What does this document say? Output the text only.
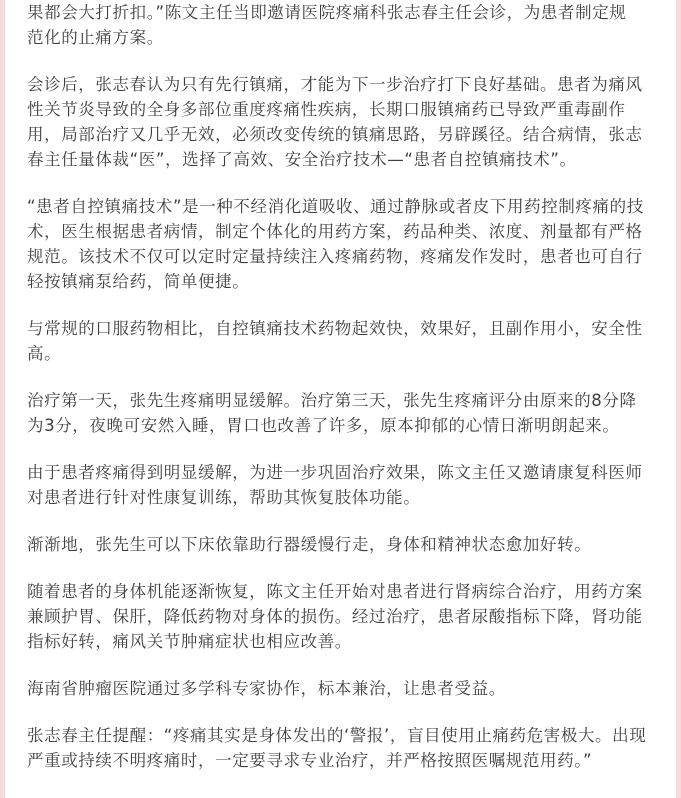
果都会大打折扣。”陈文主任当即邀请医院疼痛科张志春主任会诊，为患者制定规
范化的止痛方案。

会诊后，张志春认为只有先行镇痛，才能为下一步治疗打下良好基础。患者为痛风
性关节炎导致的全身多部位重度疼痛性疾病，长期口服镇痛药已导致严重毒副作
用，局部治疗又几乎无效，必须改变传统的镇痛思路，另辟蹊径。结合病情，张志
春主任量体裁“医”，选择了高效、安全治疗技术—“患者自控镇痛技术”。

“患者自控镇痛技术”是一种不经消化道吸收、通过静脉或者皮下用药控制疼痛的技
术，医生根据患者病情，制定个体化的用药方案，药品种类、浓度、剂量都有严格
规范。该技术不仅可以定时定量持续注入疼痛药物，疼痛发作发时，患者也可自行
轻按镇痛泵给药，简单便捷。

与常规的口服药物相比，自控镇痛技术药物起效快，效果好，且副作用小，安全性
高。

治疗第一天，张先生疼痛明显缓解。治疗第三天，张先生疼痛评分由原来的8分降
为3分，夜晚可安然入睡，胃口也改善了许多，原本抑郁的心情日渐明朗起来。

由于患者疼痛得到明显缓解，为进一步巩固治疗效果，陈文主任又邀请康复科医师
对患者进行针对性康复训练，帮助其恢复肢体功能。

渐渐地，张先生可以下床依靠助行器缓慢行走，身体和精神状态愈加好转。

随着患者的身体机能逐渐恢复，陈文主任开始对患者进行肾病综合治疗，用药方案
兼顾护胃、保肝，降低药物对身体的损伤。经过治疗，患者尿酸指标下降，肾功能
指标好转，痛风关节肿痛症状也相应改善。

海南省肿瘤医院通过多学科专家协作，标本兼治，让患者受益。

张志春主任提醒：“疼痛其实是身体发出的‘警报’，盲目使用止痛药危害极大。出现
严重或持续不明疼痛时，一定要寻求专业治疗，并严格按照医嘱规范用药。”
